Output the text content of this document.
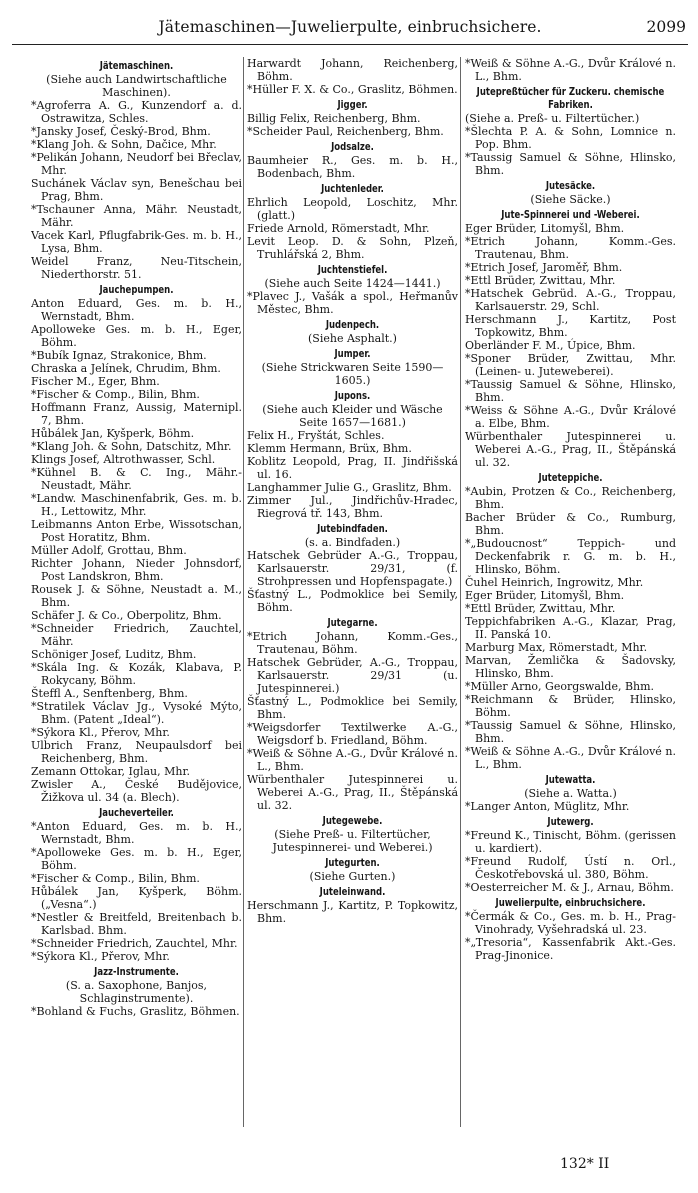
Jätemaschinen—Juwelierpulte, einbruchsichere.	2099
Jätemaschinen.
(Siehe auch Landwirtschaftliche Maschinen).
*Agroferra A. G., Kunzendorf a. d. Ostrawitza, Schles.
*Jansky Josef, Český-Brod, Bhm.
*Klang Joh. & Sohn, Dačice, Mhr.
*Pelikán Johann, Neudorf bei Břeclav, Mhr.
Suchánek Václav syn, Benešchau bei Prag, Bhm.
*Tschauner Anna, Mähr. Neustadt, Mähr.
Vacek Karl, Pflugfabrik-Ges. m. b. H., Lysa, Bhm.
Weidel Franz, Neu-Titschein, Niederthorstr. 51.
Jauchepumpen.
Anton Eduard, Ges. m. b. H., Wernstadt, Bhm.
Apolloweke Ges. m. b. H., Eger, Böhm.
*Bubík Ignaz, Strakonice, Bhm.
Chraska a Jelínek, Chrudim, Bhm.
Fischer M., Eger, Bhm.
*Fischer & Comp., Bilin, Bhm.
Hoffmann Franz, Aussig, Maternipl. 7, Bhm.
Hůbálek Jan, Kyšperk, Böhm.
*Klang Joh. & Sohn, Datschitz, Mhr.
Klings Josef, Altrothwasser, Schl.
*Kühnel B. & C. Ing., Mähr.-Neustadt, Mähr.
*Landw. Maschinenfabrik, Ges. m. b. H., Lettowitz, Mhr.
Leibmanns Anton Erbe, Wissotschan, Post Horatitz, Bhm.
Müller Adolf, Grottau, Bhm.
Richter Johann, Nieder Johnsdorf, Post Landskron, Bhm.
Rousek J. & Söhne, Neustadt a. M., Bhm.
Schäfer J. & Co., Oberpolitz, Bhm.
*Schneider Friedrich, Zauchtel, Mähr.
Schöniger Josef, Luditz, Bhm.
*Skála Ing. & Kozák, Klabava, P. Rokycany, Böhm.
Šteffl A., Senftenberg, Bhm.
*Stratilek Václav Jg., Vysoké Mýto, Bhm. (Patent „Ideal“).
*Sýkora Kl., Přerov, Mhr.
Ulbrich Franz, Neupaulsdorf bei Reichenberg, Bhm.
Zemann Ottokar, Iglau, Mhr.
Zwisler A., České Budějovice, Žižkova ul. 34 (a. Blech).
Jaucheverteiler.
*Anton Eduard, Ges. m. b. H., Wernstadt, Bhm.
*Apolloweke Ges. m. b. H., Eger, Böhm.
*Fischer & Comp., Bilin, Bhm.
Hůbálek Jan, Kyšperk, Böhm. („Vesna“.)
*Nestler & Breitfeld, Breitenbach b. Karlsbad. Bhm.
*Schneider Friedrich, Zauchtel, Mhr.
*Sýkora Kl., Přerov, Mhr.
Jazz-Instrumente.
(S. a. Saxophone, Banjos, Schlaginstrumente).
*Bohland & Fuchs, Graslitz, Böhmen.
Harwardt Johann, Reichenberg, Böhm.
*Hüller F. X. & Co., Graslitz, Böhmen.
Jigger.
Billig Felix, Reichenberg, Bhm.
*Scheider Paul, Reichenberg, Bhm.
Jodsalze.
Baumheier R., Ges. m. b. H., Bodenbach, Bhm.
Juchtenleder.
Ehrlich Leopold, Loschitz, Mhr. (glatt.)
Friede Arnold, Römerstadt, Mhr.
Levit Leop. D. & Sohn, Plzeň, Truhlářská 2, Bhm.
Juchtenstiefel.
(Siehe auch Seite 1424—1441.)
*Plavec J., Vašák a spol., Heřmanův Městec, Bhm.
Judenpech.
(Siehe Asphalt.)
Jumper.
(Siehe Strickwaren Seite 1590—1605.)
Jupons.
(Siehe auch Kleider und Wäsche Seite 1657—1681.)
Felix H., Fryštát, Schles.
Klemm Hermann, Brüx, Bhm.
Koblitz Leopold, Prag, II. Jindřišská ul. 16.
Langhammer Julie G., Graslitz, Bhm.
Zimmer Jul., Jindřichův-Hradec, Riegrová tř. 143, Bhm.
Jutebindfaden.
(s. a. Bindfaden.)
Hatschek Gebrüder A.-G., Troppau, Karlsauerstr. 29/31, (f. Strohpressen und Hopfenspagate.)
Šťastný L., Podmoklice bei Semily, Böhm.
Jutegarne.
*Etrich Johann, Komm.-Ges., Trautenau, Böhm.
Hatschek Gebrüder, A.-G., Troppau, Karlsauerstr. 29/31 (u. Jutespinnerei.)
Šťastný L., Podmoklice bei Semily, Bhm.
*Weigsdorfer Textilwerke A.-G., Weigsdorf b. Friedland, Böhm.
*Weiß & Söhne A.-G., Dvůr Králové n. L., Bhm.
Würbenthaler Jutespinnerei u. Weberei A.-G., Prag, II., Štěpánská ul. 32.
Jutegewebe.
(Siehe Preß- u. Filtertücher, Jutespinnerei- und Weberei.)
Jutegurten.
(Siehe Gurten.)
Juteleinwand.
Herschmann J., Kartitz, P. Topkowitz, Bhm.
*Weiß & Söhne A.-G., Dvůr Králové n. L., Bhm.
Jutepreßtücher für Zuckeru. chemische Fabriken.
(Siehe a. Preß- u. Filtertücher.)
*Šlechta P. A. & Sohn, Lomnice n. Pop. Bhm.
*Taussig Samuel & Söhne, Hlinsko, Bhm.
Jutesäcke.
(Siehe Säcke.)
Jute-Spinnerei und -Weberei.
Eger Brüder, Litomyšl, Bhm.
*Etrich Johann, Komm.-Ges. Trautenau, Bhm.
*Etrich Josef, Jaroměř, Bhm.
*Ettl Brüder, Zwittau, Mhr.
*Hatschek Gebrüd. A.-G., Troppau, Karlsauerstr. 29, Schl.
Herschmann J., Kartitz, Post Topkowitz, Bhm.
Oberländer F. M., Úpice, Bhm.
*Sponer Brüder, Zwittau, Mhr. (Leinen- u. Juteweberei).
*Taussig Samuel & Söhne, Hlinsko, Bhm.
*Weiss & Söhne A.-G., Dvůr Králové a. Elbe, Bhm.
Würbenthaler Jutespinnerei u. Weberei A.-G., Prag, II., Štěpánská ul. 32.
Juteteppiche.
*Aubin, Protzen & Co., Reichenberg, Bhm.
Bacher Brüder & Co., Rumburg, Bhm.
*„Budoucnost“ Teppich- und Deckenfabrik r. G. m. b. H., Hlinsko, Böhm.
Čuhel Heinrich, Ingrowitz, Mhr.
Eger Brüder, Litomyšl, Bhm.
*Ettl Brüder, Zwittau, Mhr.
Teppichfabriken A.-G., Klazar, Prag, II. Panská 10.
Marburg Max, Römerstadt, Mhr.
Marvan, Žemlička & Šadovsky, Hlinsko, Bhm.
*Müller Arno, Georgswalde, Bhm.
*Reichmann & Brüder, Hlinsko, Böhm.
*Taussig Samuel & Söhne, Hlinsko, Bhm.
*Weiß & Söhne A.-G., Dvůr Králové n. L., Bhm.
Jutewatta.
(Siehe a. Watta.)
*Langer Anton, Müglitz, Mhr.
Jutewerg.
*Freund K., Tinischt, Böhm. (gerissen u. kardiert).
*Freund Rudolf, Ústí n. Orl., Českotřebovská ul. 380, Böhm.
*Oesterreicher M. & J., Arnau, Böhm.
Juwelierpulte, einbruchsichere.
*Čermák & Co., Ges. m. b. H., Prag-Vinohrady, Vyšehradská ul. 23.
*„Tresoria“, Kassenfabrik Akt.-Ges. Prag-Jinonice.
132* II
